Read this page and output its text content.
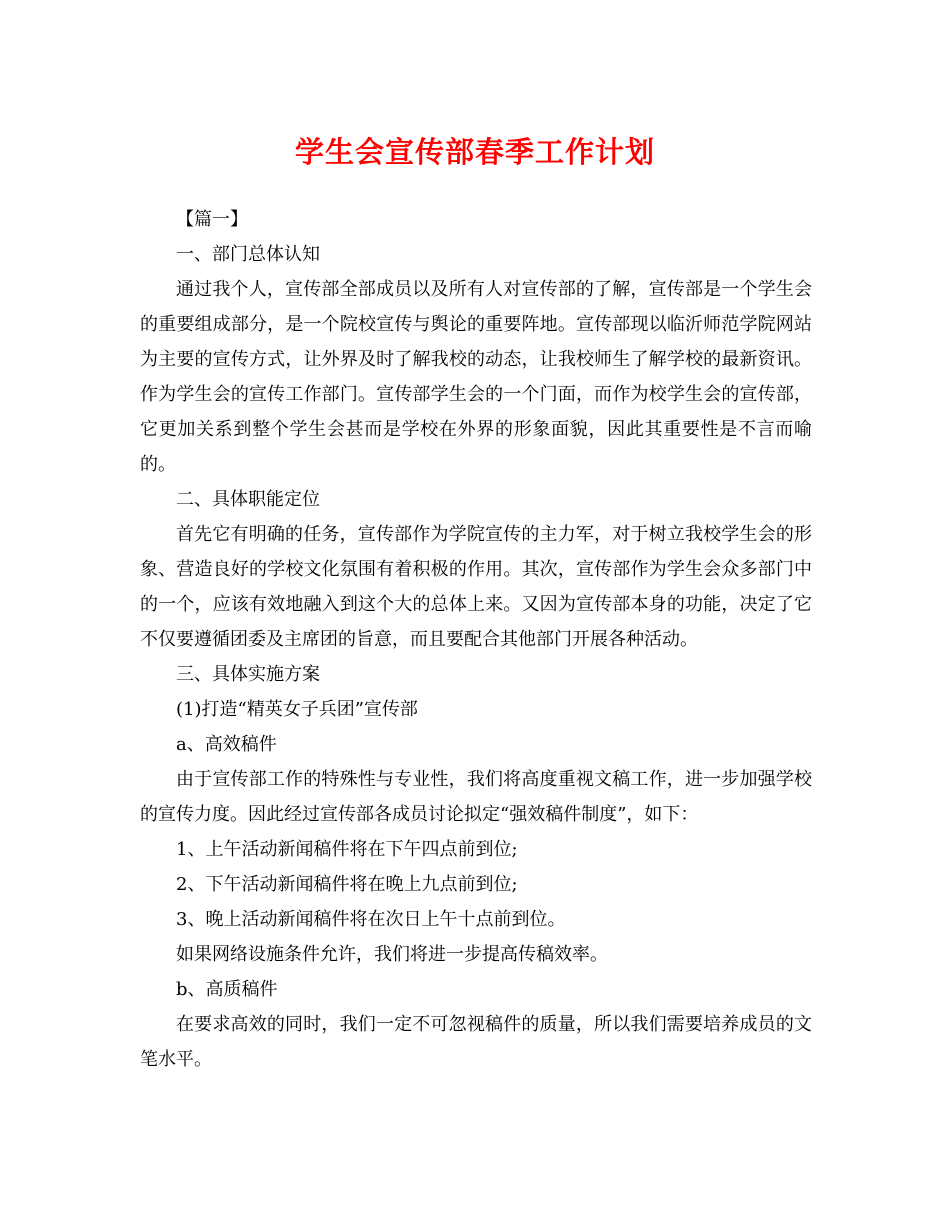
学生会宣传部春季工作计划

【篇一】

一、部门总体认知

通过我个人，宣传部全部成员以及所有人对宣传部的了解，宣传部是一个学生会的重要组成部分，是一个院校宣传与舆论的重要阵地。宣传部现以临沂师范学院网站为主要的宣传方式，让外界及时了解我校的动态，让我校师生了解学校的最新资讯。作为学生会的宣传工作部门。宣传部学生会的一个门面，而作为校学生会的宣传部，它更加关系到整个学生会甚而是学校在外界的形象面貌，因此其重要性是不言而喻的。

二、具体职能定位

首先它有明确的任务，宣传部作为学院宣传的主力军，对于树立我校学生会的形象、营造良好的学校文化氛围有着积极的作用。其次，宣传部作为学生会众多部门中的一个，应该有效地融入到这个大的总体上来。又因为宣传部本身的功能，决定了它不仅要遵循团委及主席团的旨意，而且要配合其他部门开展各种活动。

三、具体实施方案

(1)打造“精英女子兵团”宣传部

a、高效稿件

由于宣传部工作的特殊性与专业性，我们将高度重视文稿工作，进一步加强学校的宣传力度。因此经过宣传部各成员讨论拟定“强效稿件制度”，如下：

1、上午活动新闻稿件将在下午四点前到位;

2、下午活动新闻稿件将在晚上九点前到位;

3、晚上活动新闻稿件将在次日上午十点前到位。

如果网络设施条件允许，我们将进一步提高传稿效率。

b、高质稿件

在要求高效的同时，我们一定不可忽视稿件的质量，所以我们需要培养成员的文笔水平。
